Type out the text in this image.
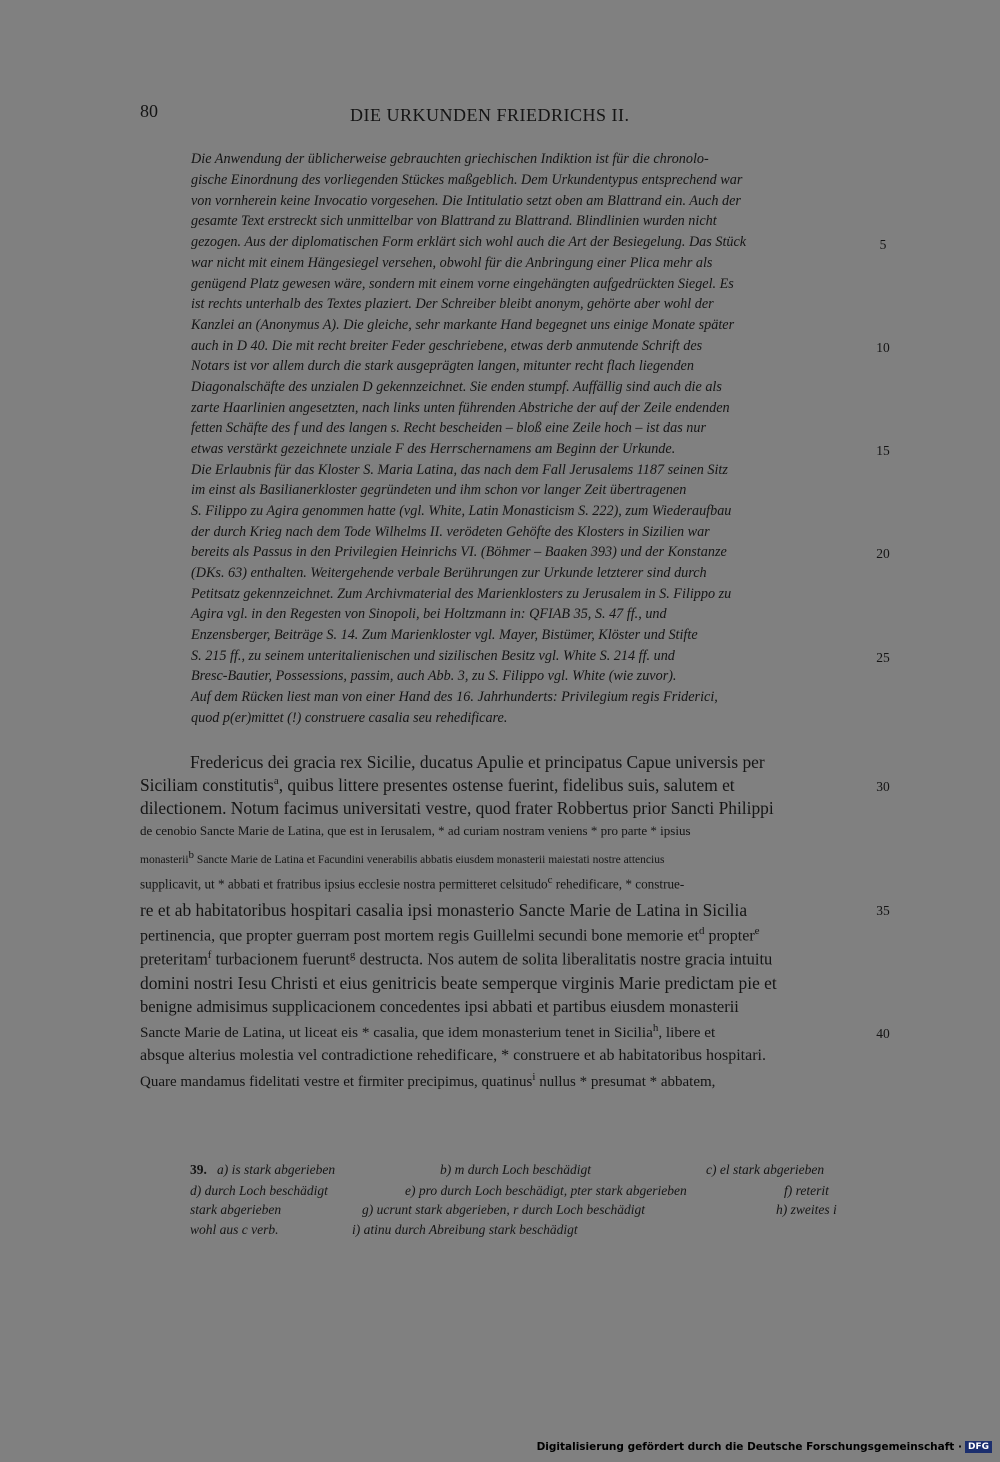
80	DIE URKUNDEN FRIEDRICHS II.
Die Anwendung der üblicherweise gebrauchten griechischen Indiktion ist für die chronolo-
gische Einordnung des vorliegenden Stückes maßgeblich. Dem Urkundentypus entsprechend war
von vornherein keine Invocatio vorgesehen. Die Intitulatio setzt oben am Blattrand ein. Auch der
gesamte Text erstreckt sich unmittelbar von Blattrand zu Blattrand. Blindlinien wurden nicht
gezogen. Aus der diplomatischen Form erklärt sich wohl auch die Art der Besiegelung. Das Stück
war nicht mit einem Hängesiegel versehen, obwohl für die Anbringung einer Plica mehr als
genügend Platz gewesen wäre, sondern mit einem vorne eingehängten aufgedrückten Siegel. Es
ist rechts unterhalb des Textes plaziert. Der Schreiber bleibt anonym, gehörte aber wohl der
Kanzlei an (Anonymus A). Die gleiche, sehr markante Hand begegnet uns einige Monate später
auch in D 40. Die mit recht breiter Feder geschriebene, etwas derb anmutende Schrift des
Notars ist vor allem durch die stark ausgeprägten langen, mitunter recht flach liegenden
Diagonalschäfte des unzialen D gekennzeichnet. Sie enden stumpf. Auffällig sind auch die als
zarte Haarlinien angesetzten, nach links unten führenden Abstriche der auf der Zeile endenden
fetten Schäfte des f und des langen s. Recht bescheiden – bloß eine Zeile hoch – ist das nur
etwas verstärkt gezeichnete unziale F des Herrschernamens am Beginn der Urkunde.
Die Erlaubnis für das Kloster S. Maria Latina, das nach dem Fall Jerusalems 1187 seinen Sitz
im einst als Basilianerkloster gegründeten und ihm schon vor langer Zeit übertragenen
S. Filippo zu Agira genommen hatte (vgl. White, Latin Monasticism S. 222), zum Wiederaufbau
der durch Krieg nach dem Tode Wilhelms II. verödeten Gehöfte des Klosters in Sizilien war
bereits als Passus in den Privilegien Heinrichs VI. (Böhmer – Baaken 393) und der Konstanze
(DKs. 63) enthalten. Weitergehende verbale Berührungen zur Urkunde letzterer sind durch
Petitsatz gekennzeichnet. Zum Archivmaterial des Marienklosters zu Jerusalem in S. Filippo zu
Agira vgl. in den Regesten von Sinopoli, bei Holtzmann in: QFIAB 35, S. 47 ff., und
Enzensberger, Beiträge S. 14. Zum Marienkloster vgl. Mayer, Bistümer, Klöster und Stifte
S. 215 ff., zu seinem unteritalienischen und sizilischen Besitz vgl. White S. 214 ff. und
Bresc-Bautier, Possessions, passim, auch Abb. 3, zu S. Filippo vgl. White (wie zuvor).
Auf dem Rücken liest man von einer Hand des 16. Jahrhunderts: Privilegium regis Friderici,
quod p(er)mittet (!) construere casalia seu rehedificare.
5
10
15
20
25
Fredericus dei gracia rex Sicilie, ducatus Apulie et principatus Capue universis per
Siciliam constitutis$^a$, quibus littere presentes ostense fuerint, fidelibus suis, salutem et
dilectionem. Notum facimus universitati vestre, quod frater Robbertus prior Sancti Philippi
de cenobio Sancte Marie de Latina, que est in Ierusalem, * ad curiam nostram veniens * pro parte * ipsius
monasterii$^b$ Sancte Marie de Latina et Facundini venerabilis abbatis eiusdem monasterii maiestati nostre attencius
supplicavit, ut * abbati et fratribus ipsius ecclesie nostra permitteret celsitudo$^c$ rehedificare, * construe-
re et ab habitatoribus hospitari casalia ipsi monasterio Sancte Marie de Latina in Sicilia
pertinencia, que propter guerram post mortem regis Guillelmi secundi bone memorie $et^d$ propter$^e$
preteritam$^f$ turbacionem fuerunt$^g$ destructa. Nos autem de solita liberalitatis nostre gracia intuitu
domini nostri Iesu Christi et eius genitricis beate semperque virginis Marie predictam pie et
benigne admisimus supplicacionem concedentes ipsi abbati et partibus eiusdem monasterii
Sancte Marie de Latina, ut liceat eis * casalia, que idem monasterium tenet in Sicilia$^h$, libere et
absque alterius molestia vel contradictione rehedificare, * construere et ab habitatoribus hospitari.
Quare mandamus fidelitati vestre et firmiter precipimus, quatinus$^i$ nullus * presumat * abbatem,
30
35
40
39. a) is stark abgerieben	b) m durch Loch beschädigt	c) el stark abgerieben
d) durch Loch beschädigt	e) pro durch Loch beschädigt, pter stark abgerieben	f) reterit
stark abgerieben	g) ucrunt stark abgerieben, r durch Loch beschädigt	h) zweites i
wohl aus c verb.	i) atinu durch Abreibung stark beschädigt
Digitalisierung gefördert durch die Deutsche Forschungsgemeinschaft · DFG
